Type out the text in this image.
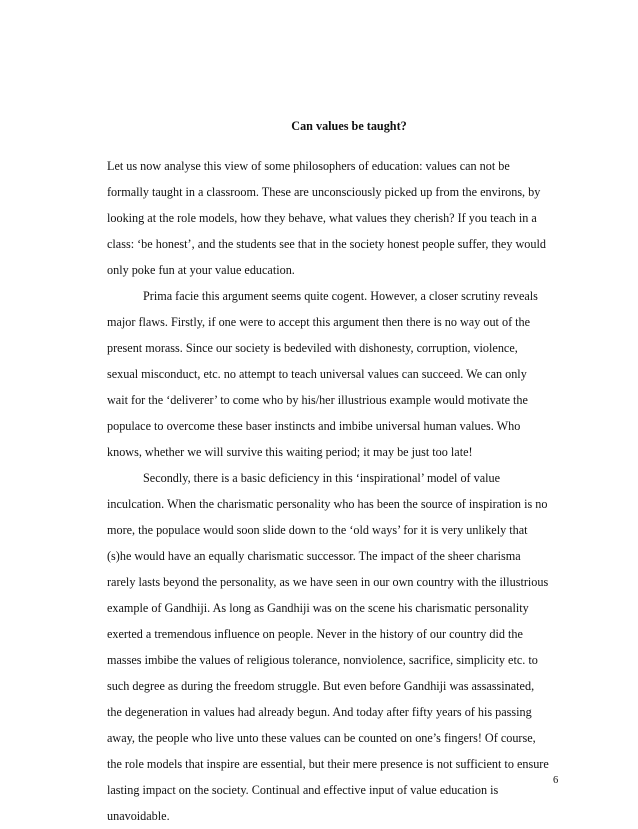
Can values be taught?
Let us now analyse this view of some philosophers of education: values can not be
formally taught in a classroom. These are unconsciously picked up from the environs, by
looking at the role models, how they behave, what values they cherish? If you teach in a
class: ‘be honest’, and the students see that in the society honest people suffer, they would
only poke fun at your value education.
Prima facie this argument seems quite cogent. However, a closer scrutiny reveals
major flaws. Firstly, if one were to accept this argument then there is no way out of the
present morass. Since our society is bedeviled with dishonesty, corruption, violence,
sexual misconduct, etc. no attempt to teach universal values can succeed. We can only
wait for the ‘deliverer’ to come who by his/her illustrious example would motivate the
populace to overcome these baser instincts and imbibe universal human values. Who
knows, whether we will survive this waiting period; it may be just too late!
Secondly, there is a basic deficiency in this ‘inspirational’ model of value
inculcation. When the charismatic personality who has been the source of inspiration is no
more, the populace would soon slide down to the ‘old ways’ for it is very unlikely that
(s)he would have an equally charismatic successor. The impact of the sheer charisma
rarely lasts beyond the personality, as we have seen in our own country with the illustrious
example of Gandhiji. As long as Gandhiji was on the scene his charismatic personality
exerted a tremendous influence on people. Never in the history of our country did the
masses imbibe the values of religious tolerance, nonviolence, sacrifice, simplicity etc. to
such degree as during the freedom struggle. But even before Gandhiji was assassinated,
the degeneration in values had already begun. And today after fifty years of his passing
away, the people who live unto these values can be counted on one’s fingers! Of course,
the role models that inspire are essential, but their mere presence is not sufficient to ensure
lasting impact on the society. Continual and effective input of value education is
unavoidable.
6
